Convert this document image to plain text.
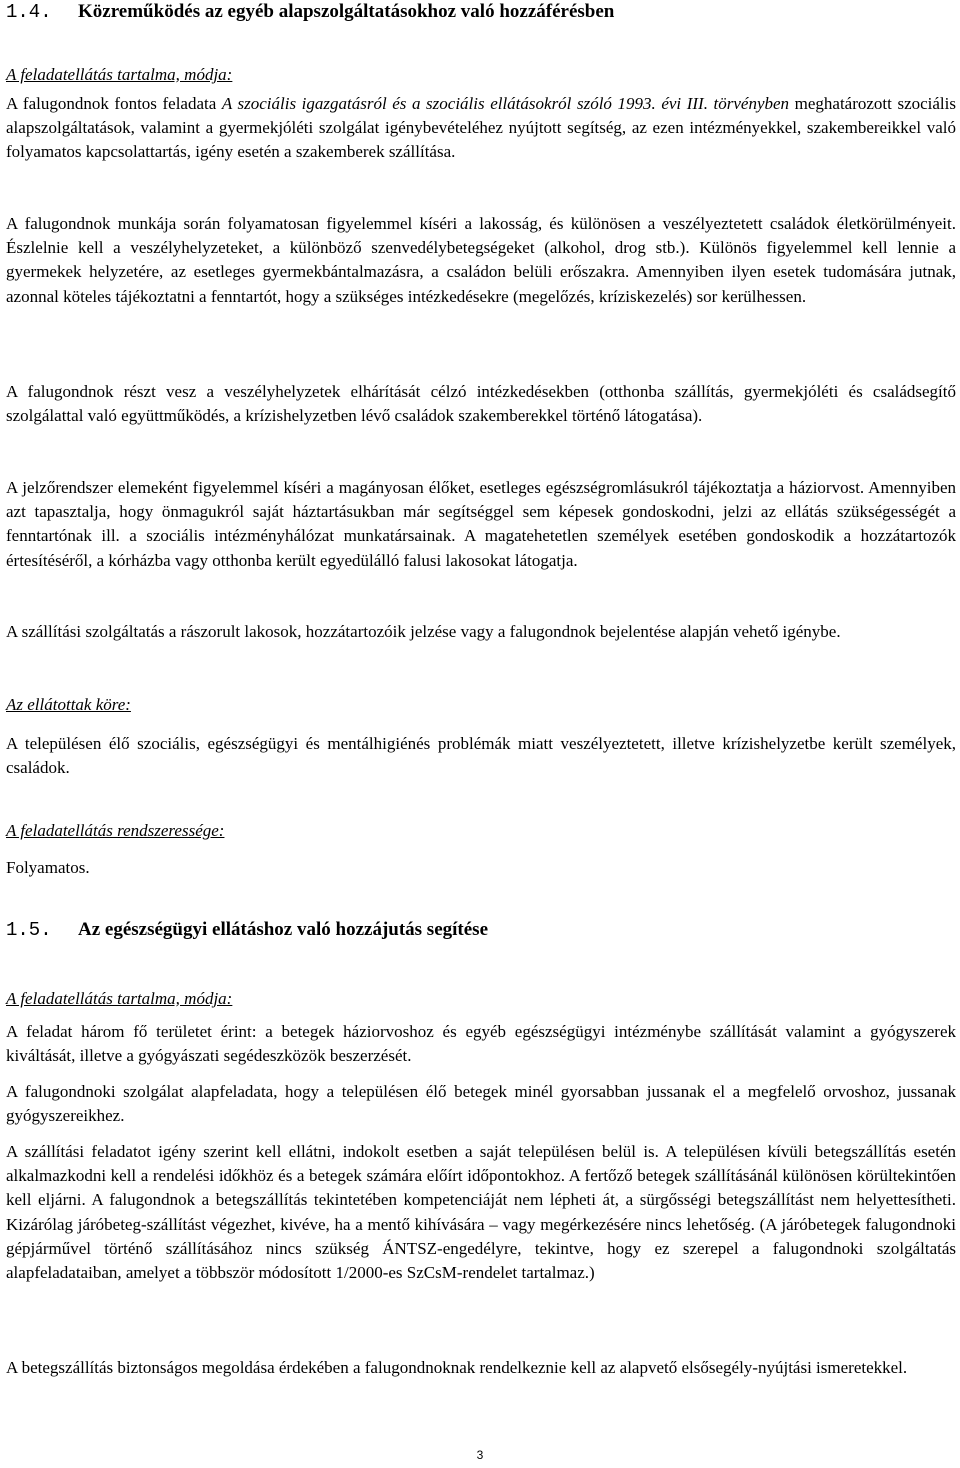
1.4. Közreműködés az egyéb alapszolgáltatásokhoz való hozzáférésben
A feladatellátás tartalma, módja:
A falugondnok fontos feladata A szociális igazgatásról és a szociális ellátásokról szóló 1993. évi III. törvényben meghatározott szociális alapszolgáltatások, valamint a gyermekjóléti szolgálat igénybevételéhez nyújtott segítség, az ezen intézményekkel, szakembereikkel való folyamatos kapcsolattartás, igény esetén a szakemberek szállítása.
A falugondnok munkája során folyamatosan figyelemmel kíséri a lakosság, és különösen a veszélyeztetett családok életkörülményeit. Észlelnie kell a veszélyhelyzeteket, a különböző szenvedélybetegségeket (alkohol, drog stb.). Különös figyelemmel kell lennie a gyermekek helyzetére, az esetleges gyermekbántalmazásra, a családon belüli erőszakra. Amennyiben ilyen esetek tudomására jutnak, azonnal köteles tájékoztatni a fenntartót, hogy a szükséges intézkedésekre (megelőzés, kríziskezelés) sor kerülhessen.
A falugondnok részt vesz a veszélyhelyzetek elhárítását célzó intézkedésekben (otthonba szállítás, gyermekjóléti és családsegítő szolgálattal való együttműködés, a krízishelyzetben lévő családok szakemberekkel történő látogatása).
A jelzőrendszer elemeként figyelemmel kíséri a magányosan élőket, esetleges egészségromlásukról tájékoztatja a háziorvost. Amennyiben azt tapasztalja, hogy önmagukról saját háztartásukban már segítséggel sem képesek gondoskodni, jelzi az ellátás szükségességét a fenntartónak ill. a szociális intézményhálózat munkatársainak. A magatehetetlen személyek esetében gondoskodik a hozzátartozók értesítéséről, a kórházba vagy otthonba került egyedülálló falusi lakosokat látogatja.
A szállítási szolgáltatás a rászorult lakosok, hozzátartozóik jelzése vagy a falugondnok bejelentése alapján vehető igénybe.
Az ellátottak köre:
A településen élő szociális, egészségügyi és mentálhigiénés problémák miatt veszélyeztetett, illetve krízishelyzetbe került személyek, családok.
A feladatellátás rendszeressége:
Folyamatos.
1.5. Az egészségügyi ellátáshoz való hozzájutás segítése
A feladatellátás tartalma, módja:
A feladat három fő területet érint: a betegek háziorvoshoz és egyéb egészségügyi intézménybe szállítását valamint a gyógyszerek kiváltását, illetve a gyógyászati segédeszközök beszerzését.
A falugondnoki szolgálat alapfeladata, hogy a településen élő betegek minél gyorsabban jussanak el a megfelelő orvoshoz, jussanak gyógyszereikhez.
A szállítási feladatot igény szerint kell ellátni, indokolt esetben a saját településen belül is. A településen kívüli betegszállítás esetén alkalmazkodni kell a rendelési időkhöz és a betegek számára előírt időpontokhoz. A fertőző betegek szállításánál különösen körültekintően kell eljárni. A falugondnok a betegszállítás tekintetében kompetenciáját nem lépheti át, a sürgősségi betegszállítást nem helyettesítheti. Kizárólag járóbeteg-szállítást végezhet, kivéve, ha a mentő kihívására – vagy megérkezésére nincs lehetőség. (A járóbetegek falugondnoki gépjárművel történő szállításához nincs szükség ÁNTSZ-engedélyre, tekintve, hogy ez szerepel a falugondnoki szolgáltatás alapfeladataiban, amelyet a többször módosított 1/2000-es SzCsM-rendelet tartalmaz.)
A betegszállítás biztonságos megoldása érdekében a falugondnoknak rendelkeznie kell az alapvető elsősegély-nyújtási ismeretekkel.
3
